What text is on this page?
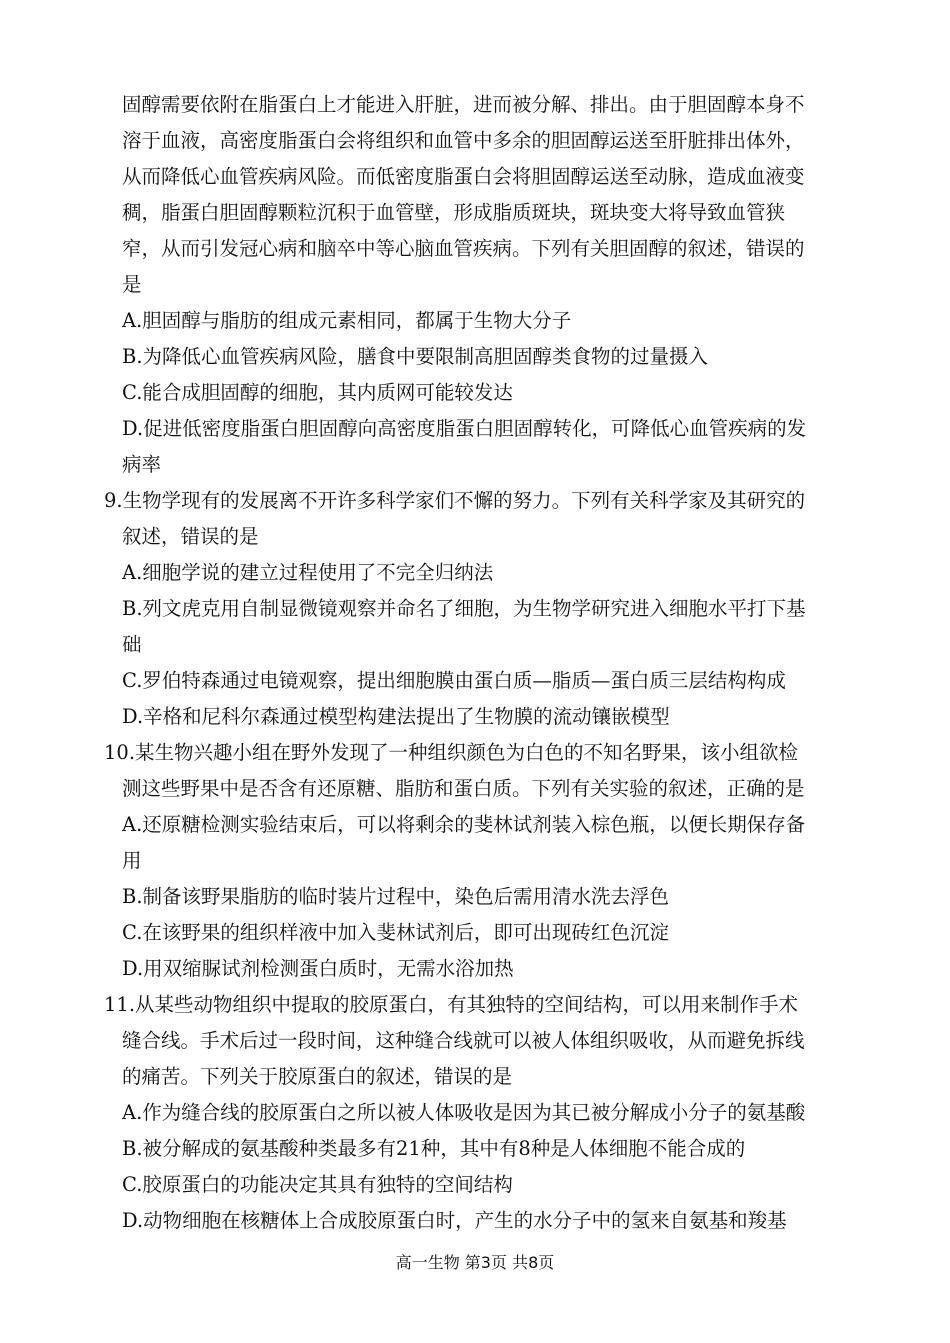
固醇需要依附在脂蛋白上才能进入肝脏，进而被分解、排出。由于胆固醇本身不
溶于血液，高密度脂蛋白会将组织和血管中多余的胆固醇运送至肝脏排出体外，
从而降低心血管疾病风险。而低密度脂蛋白会将胆固醇运送至动脉，造成血液变
稠，脂蛋白胆固醇颗粒沉积于血管壁，形成脂质斑块，斑块变大将导致血管狭
窄，从而引发冠心病和脑卒中等心脑血管疾病。下列有关胆固醇的叙述，错误的
是
A.胆固醇与脂肪的组成元素相同，都属于生物大分子
B.为降低心血管疾病风险，膳食中要限制高胆固醇类食物的过量摄入
C.能合成胆固醇的细胞，其内质网可能较发达
D.促进低密度脂蛋白胆固醇向高密度脂蛋白胆固醇转化，可降低心血管疾病的发
病率
9.生物学现有的发展离不开许多科学家们不懈的努力。下列有关科学家及其研究的
叙述，错误的是
A.细胞学说的建立过程使用了不完全归纳法
B.列文虎克用自制显微镜观察并命名了细胞，为生物学研究进入细胞水平打下基
础
C.罗伯特森通过电镜观察，提出细胞膜由蛋白质—脂质—蛋白质三层结构构成
D.辛格和尼科尔森通过模型构建法提出了生物膜的流动镶嵌模型
10.某生物兴趣小组在野外发现了一种组织颜色为白色的不知名野果，该小组欲检
测这些野果中是否含有还原糖、脂肪和蛋白质。下列有关实验的叙述，正确的是
A.还原糖检测实验结束后，可以将剩余的斐林试剂装入棕色瓶，以便长期保存备
用
B.制备该野果脂肪的临时装片过程中，染色后需用清水洗去浮色
C.在该野果的组织样液中加入斐林试剂后，即可出现砖红色沉淀
D.用双缩脲试剂检测蛋白质时，无需水浴加热
11.从某些动物组织中提取的胶原蛋白，有其独特的空间结构，可以用来制作手术
缝合线。手术后过一段时间，这种缝合线就可以被人体组织吸收，从而避免拆线
的痛苦。下列关于胶原蛋白的叙述，错误的是
A.作为缝合线的胶原蛋白之所以被人体吸收是因为其已被分解成小分子的氨基酸
B.被分解成的氨基酸种类最多有21种，其中有8种是人体细胞不能合成的
C.胶原蛋白的功能决定其具有独特的空间结构
D.动物细胞在核糖体上合成胶原蛋白时，产生的水分子中的氢来自氨基和羧基
高一生物 第3页 共8页
